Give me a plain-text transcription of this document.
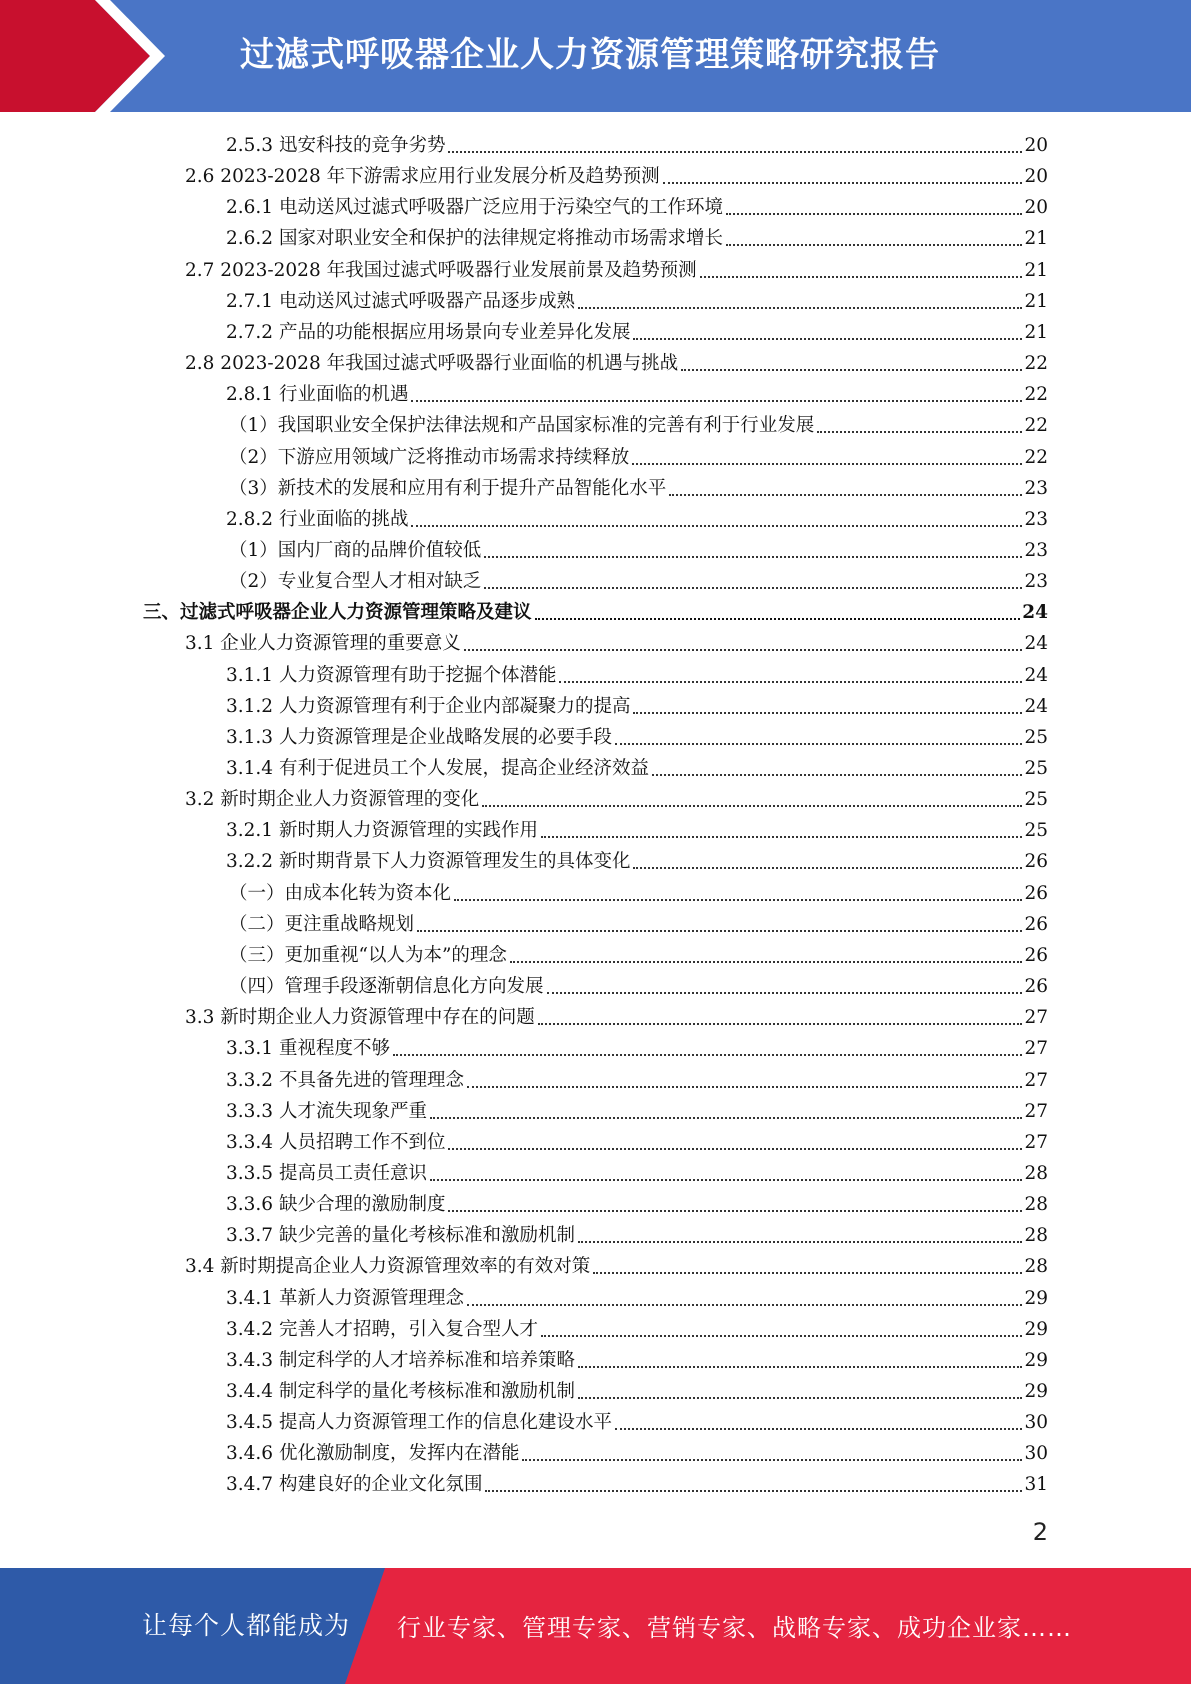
过滤式呼吸器企业人力资源管理策略研究报告
2.5.3 迅安科技的竞争劣势	20
2.6 2023-2028 年下游需求应用行业发展分析及趋势预测	20
2.6.1 电动送风过滤式呼吸器广泛应用于污染空气的工作环境	20
2.6.2 国家对职业安全和保护的法律规定将推动市场需求增长	21
2.7 2023-2028 年我国过滤式呼吸器行业发展前景及趋势预测	21
2.7.1 电动送风过滤式呼吸器产品逐步成熟	21
2.7.2 产品的功能根据应用场景向专业差异化发展	21
2.8 2023-2028 年我国过滤式呼吸器行业面临的机遇与挑战	22
2.8.1 行业面临的机遇	22
（1）我国职业安全保护法律法规和产品国家标准的完善有利于行业发展	22
（2）下游应用领域广泛将推动市场需求持续释放	22
（3）新技术的发展和应用有利于提升产品智能化水平	23
2.8.2 行业面临的挑战	23
（1）国内厂商的品牌价值较低	23
（2）专业复合型人才相对缺乏	23
三、过滤式呼吸器企业人力资源管理策略及建议	24
3.1 企业人力资源管理的重要意义	24
3.1.1 人力资源管理有助于挖掘个体潜能	24
3.1.2 人力资源管理有利于企业内部凝聚力的提高	24
3.1.3 人力资源管理是企业战略发展的必要手段	25
3.1.4 有利于促进员工个人发展，提高企业经济效益	25
3.2 新时期企业人力资源管理的变化	25
3.2.1 新时期人力资源管理的实践作用	25
3.2.2 新时期背景下人力资源管理发生的具体变化	26
（一）由成本化转为资本化	26
（二）更注重战略规划	26
（三）更加重视“以人为本”的理念	26
（四）管理手段逐渐朝信息化方向发展	26
3.3 新时期企业人力资源管理中存在的问题	27
3.3.1 重视程度不够	27
3.3.2 不具备先进的管理理念	27
3.3.3 人才流失现象严重	27
3.3.4 人员招聘工作不到位	27
3.3.5 提高员工责任意识	28
3.3.6 缺少合理的激励制度	28
3.3.7 缺少完善的量化考核标准和激励机制	28
3.4 新时期提高企业人力资源管理效率的有效对策	28
3.4.1 革新人力资源管理理念	29
3.4.2 完善人才招聘，引入复合型人才	29
3.4.3 制定科学的人才培养标准和培养策略	29
3.4.4 制定科学的量化考核标准和激励机制	29
3.4.5 提高人力资源管理工作的信息化建设水平	30
3.4.6 优化激励制度，发挥内在潜能	30
3.4.7 构建良好的企业文化氛围	31
2
让每个人都能成为 行业专家、管理专家、营销专家、战略专家、成功企业家……
